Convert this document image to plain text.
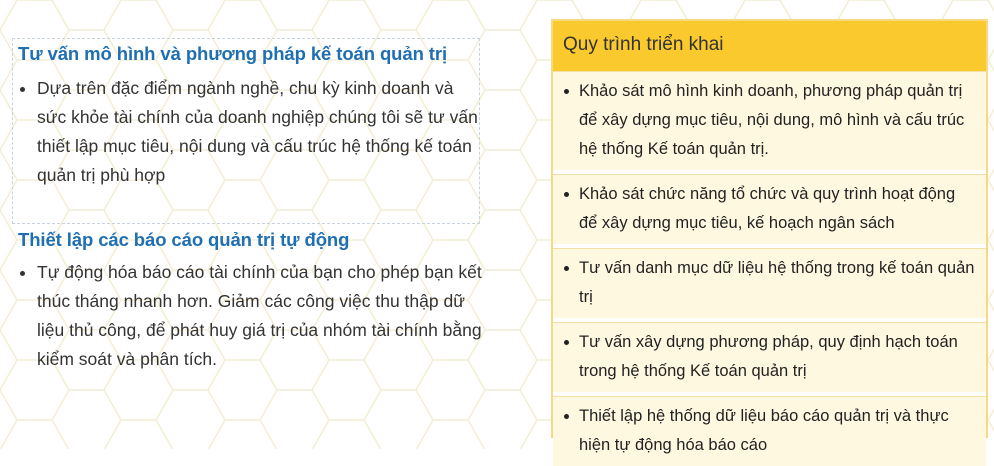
Tư vấn mô hình và phương pháp kế toán quản trị
Dựa trên đặc điểm ngành nghề, chu kỳ kinh doanh và sức khỏe tài chính của doanh nghiệp chúng tôi sẽ tư vấn thiết lập mục tiêu, nội dung và cấu trúc hệ thống kế toán quản trị phù hợp
Thiết lập các báo cáo quản trị tự động
Tự động hóa báo cáo tài chính của bạn cho phép bạn kết thúc tháng nhanh hơn. Giảm các công việc thu thập dữ liệu thủ công, để phát huy giá trị của nhóm tài chính bằng kiểm soát và phân tích.
Quy trình triển khai
Khảo sát mô hình kinh doanh, phương pháp quản trị để xây dựng mục tiêu, nội dung, mô hình và cấu trúc hệ thống Kế toán quản trị.
Khảo sát chức năng tổ chức và quy trình hoạt động để xây dựng mục tiêu, kế hoạch ngân sách
Tư vấn danh mục dữ liệu hệ thống trong kế toán quản trị
Tư vấn xây dựng phương pháp, quy định hạch toán trong hệ thống Kế toán quản trị
Thiết lập hệ thống dữ liệu báo cáo quản trị và thực hiện tự động hóa báo cáo
